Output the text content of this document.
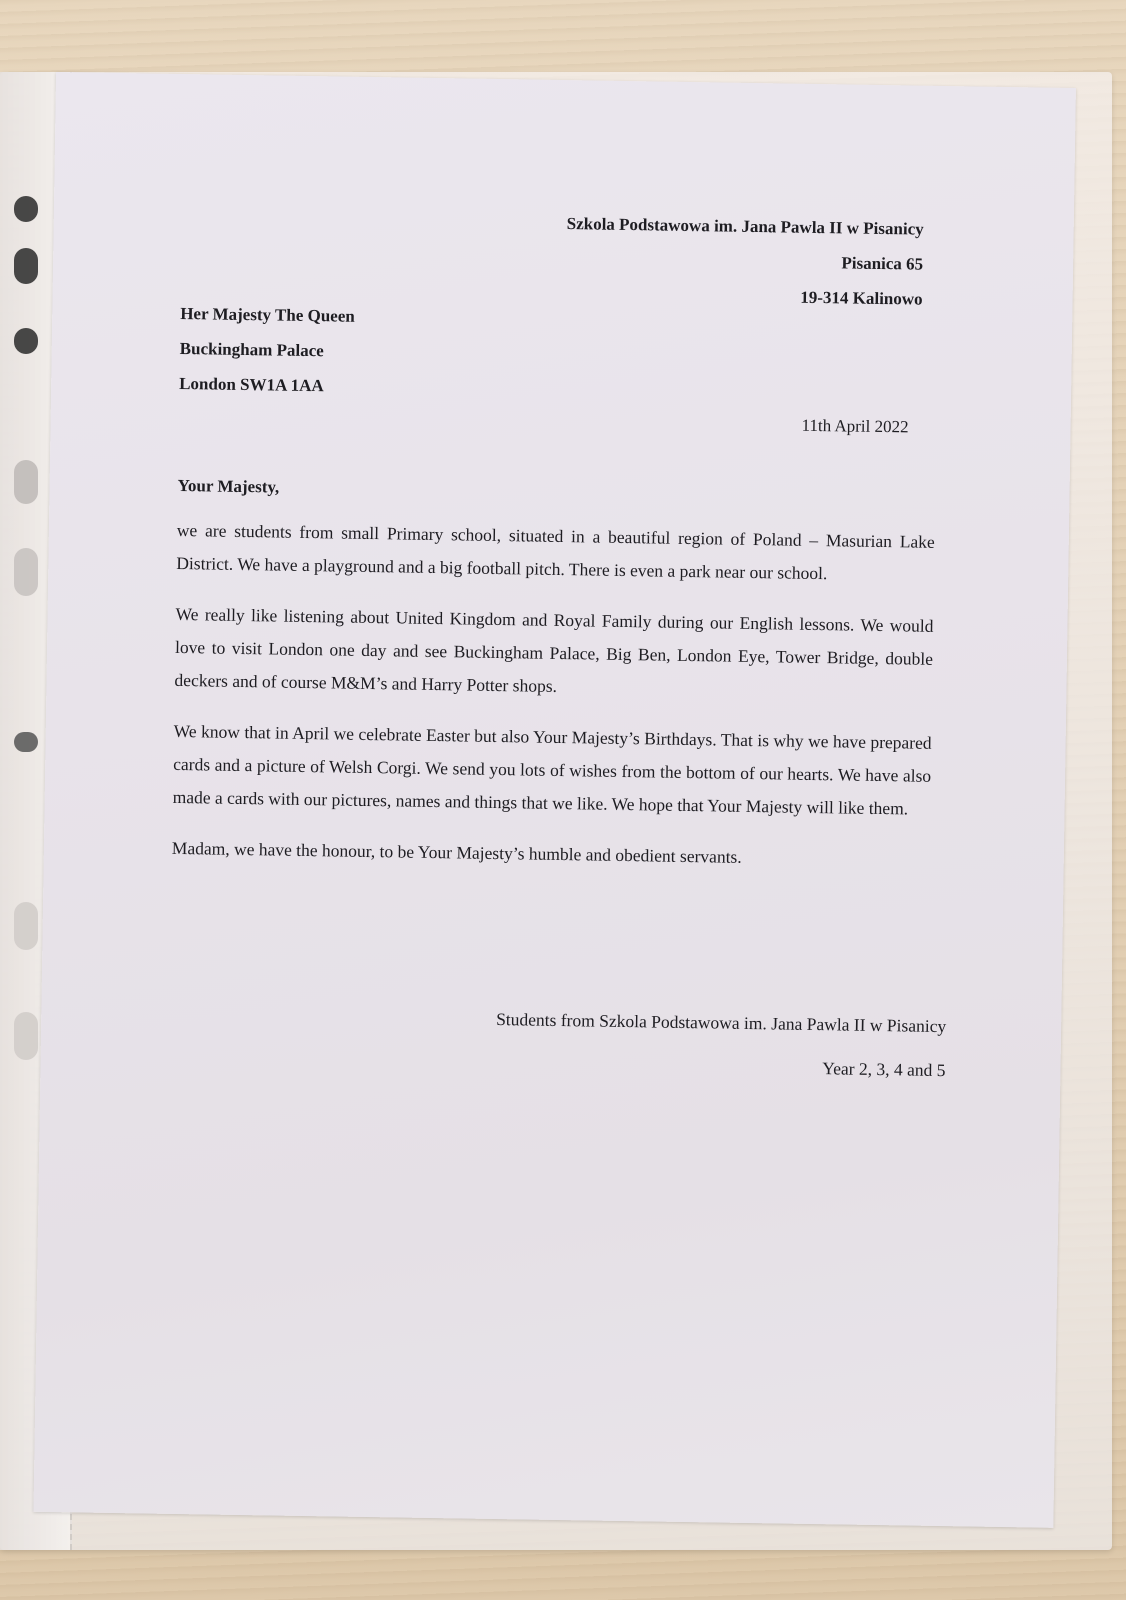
Szkola Podstawowa im. Jana Pawla II w Pisanicy
Pisanica 65
19-314 Kalinowo
Her Majesty The Queen
Buckingham Palace
London SW1A 1AA
11th April 2022
Your Majesty,

we are students from small Primary school, situated in a beautiful region of Poland – Masurian Lake District. We have a playground and a big football pitch. There is even a park near our school.

We really like listening about United Kingdom and Royal Family during our English lessons. We would love to visit London one day and see Buckingham Palace, Big Ben, London Eye, Tower Bridge, double deckers and of course M&M’s and Harry Potter shops.

We know that in April we celebrate Easter but also Your Majesty’s Birthdays. That is why we have prepared cards and a picture of Welsh Corgi. We send you lots of wishes from the bottom of our hearts. We have also made a cards with our pictures, names and things that we like. We hope that Your Majesty will like them.

Madam, we have the honour, to be Your Majesty’s humble and obedient servants.

Students from Szkola Podstawowa im. Jana Pawla II w Pisanicy
Year 2, 3, 4 and 5
